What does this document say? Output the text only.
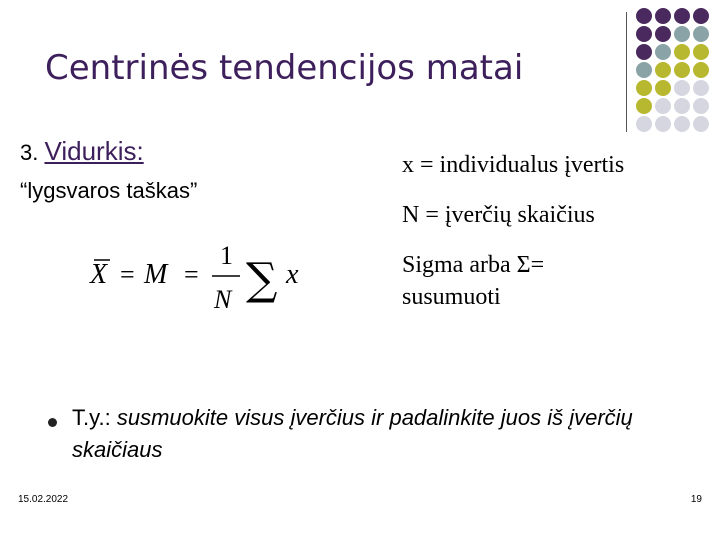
Centrinės tendencijos matai
3. Vidurkis:
“lygsvaros taškas”
X = M =
1
N ∑ x
x = individualus įvertis
N = įverčių skaičius
Sigma arba Σ=
susumuoti
T.y.: susmuokite visus įverčius ir padalinkite juos iš įverčių skaičiaus
15.02.2022	19
